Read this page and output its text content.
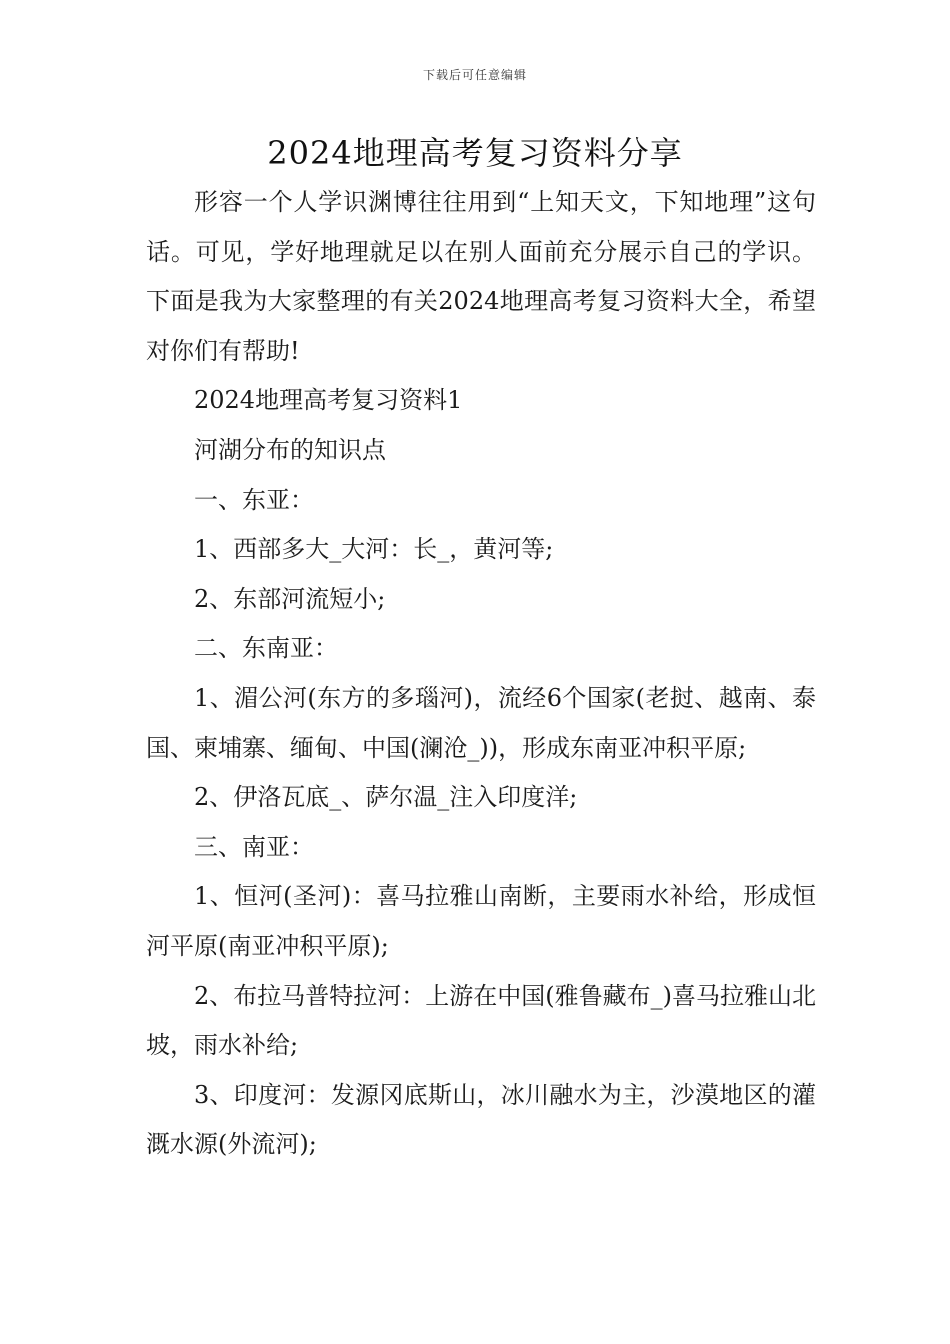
下载后可任意编辑
2024地理高考复习资料分享

形容一个人学识渊博往往用到“上知天文，下知地理”这句话。可见，学好地理就足以在别人面前充分展示自己的学识。下面是我为大家整理的有关2024地理高考复习资料大全，希望对你们有帮助!

2024地理高考复习资料1

河湖分布的知识点

一、东亚：

1、西部多大_大河：长_，黄河等;

2、东部河流短小;

二、东南亚：

1、湄公河(东方的多瑙河)，流经6个国家(老挝、越南、泰国、柬埔寨、缅甸、中国(澜沧_))，形成东南亚冲积平原;

2、伊洛瓦底_、萨尔温_注入印度洋;

三、南亚：

1、恒河(圣河)：喜马拉雅山南断，主要雨水补给，形成恒河平原(南亚冲积平原);

2、布拉马普特拉河：上游在中国(雅鲁藏布_)喜马拉雅山北坡，雨水补给;

3、印度河：发源冈底斯山，冰川融水为主，沙漠地区的灌溉水源(外流河);
